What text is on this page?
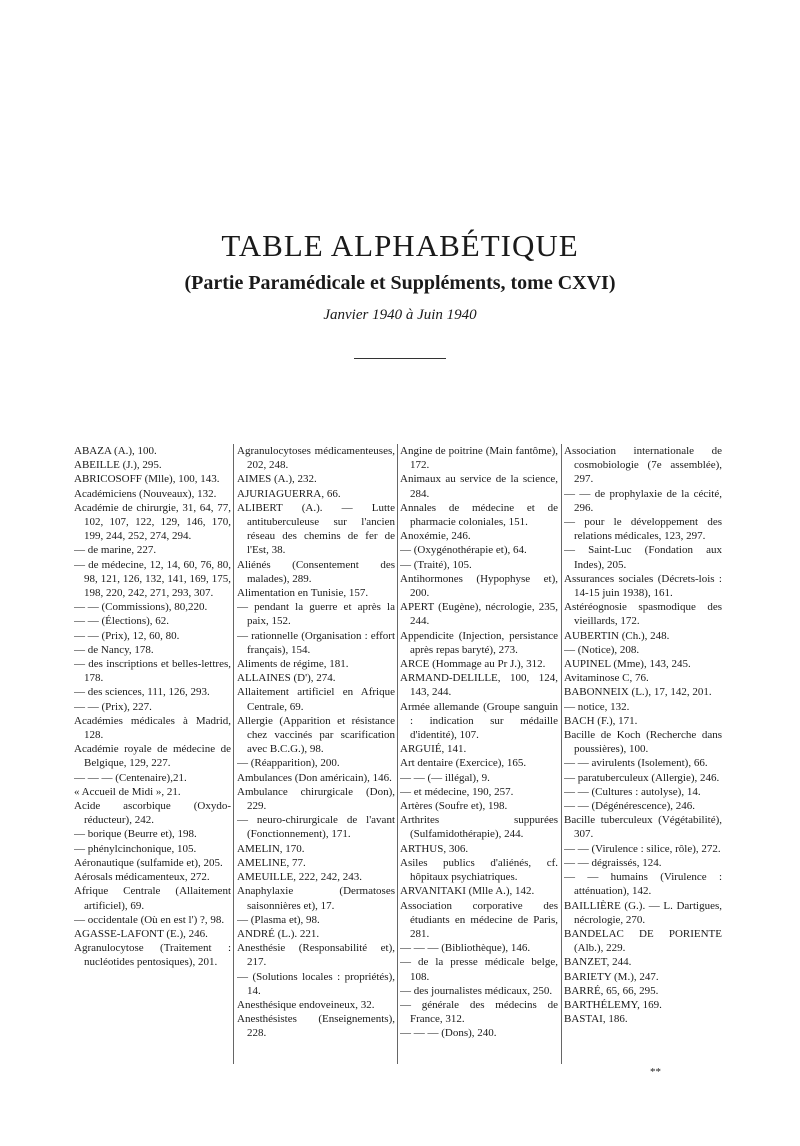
TABLE ALPHABÉTIQUE
(Partie Paramédicale et Suppléments, tome CXVI)

Janvier 1940 à Juin 1940

ABAZA (A.), 100.

ABEILLE (J.), 295.

ABRICOSOFF (Mlle), 100, 143.

Académiciens (Nouveaux), 132.

Académie de chirurgie, 31, 64, 77, 102, 107, 122, 129, 146, 170, 199, 244, 252, 274, 294.

— de marine, 227.

— de médecine, 12, 14, 60, 76, 80, 98, 121, 126, 132, 141, 169, 175, 198, 220, 242, 271, 293, 307.

— — (Commissions), 80,220.

— — (Élections), 62.

— — (Prix), 12, 60, 80.

— de Nancy, 178.

— des inscriptions et belles-lettres, 178.

— des sciences, 111, 126, 293.

— — (Prix), 227.

Académies médicales à Madrid, 128.

Académie royale de médecine de Belgique, 129, 227.

— — — (Centenaire),21.

« Accueil de Midi », 21.

Acide ascorbique (Oxydo-réducteur), 242.

— borique (Beurre et), 198.

— phénylcinchonique, 105.

Aéronautique (sulfamide et), 205.

Aérosals médicamenteux, 272.

Afrique Centrale (Allaitement artificiel), 69.

— occidentale (Où en est l') ?, 98.

AGASSE-LAFONT (E.), 246.

Agranulocytose (Traitement : nucléotides pentosiques), 201.

Agranulocytoses médicamenteuses, 202, 248.

AIMES (A.), 232.

AJURIAGUERRA, 66.

ALIBERT (A.). — Lutte antituberculeuse sur l'ancien réseau des chemins de fer de l'Est, 38.

Aliénés (Consentement des malades), 289.

Alimentation en Tunisie, 157.

— pendant la guerre et après la paix, 152.

— rationnelle (Organisation : effort français), 154.

Aliments de régime, 181.

ALLAINES (D'), 274.

Allaitement artificiel en Afrique Centrale, 69.

Allergie (Apparition et résistance chez vaccinés par scarification avec B.C.G.), 98.

— (Réapparition), 200.

Ambulances (Don américain), 146.

Ambulance chirurgicale (Don), 229.

— neuro-chirurgicale de l'avant (Fonctionnement), 171.

AMELIN, 170.

AMELINE, 77.

AMEUILLE, 222, 242, 243.

Anaphylaxie (Dermatoses saisonnières et), 17.

— (Plasma et), 98.

ANDRÉ (L.). 221.

Anesthésie (Responsabilité et), 217.

— (Solutions locales : propriétés), 14.

Anesthésique endoveineux, 32.

Anesthésistes (Enseignements), 228.

Angine de poitrine (Main fantôme), 172.

Animaux au service de la science, 284.

Annales de médecine et de pharmacie coloniales, 151.

Anoxémie, 246.

— (Oxygénothérapie et), 64.

— (Traité), 105.

Antihormones (Hypophyse et), 200.

APERT (Eugène), nécrologie, 235, 244.

Appendicite (Injection, persistance après repas baryté), 273.

ARCE (Hommage au Pr J.), 312.

ARMAND-DELILLE, 100, 124, 143, 244.

Armée allemande (Groupe sanguin : indication sur médaille d'identité), 107.

ARGUIÉ, 141.

Art dentaire (Exercice), 165.

— — (— illégal), 9.

— et médecine, 190, 257.

Artères (Soufre et), 198.

Arthrites suppurées (Sulfamidothérapie), 244.

ARTHUS, 306.

Asiles publics d'aliénés, cf. hôpitaux psychiatriques.

ARVANITAKI (Mlle A.), 142.

Association corporative des étudiants en médecine de Paris, 281.

— — — (Bibliothèque), 146.

— de la presse médicale belge, 108.

— des journalistes médicaux, 250.

— générale des médecins de France, 312.

— — — (Dons), 240.

Association internationale de cosmobiologie (7e assemblée), 297.

— — de prophylaxie de la cécité, 296.

— pour le développement des relations médicales, 123, 297.

— Saint-Luc (Fondation aux Indes), 205.

Assurances sociales (Décrets-lois : 14-15 juin 1938), 161.

Astéréognosie spasmodique des vieillards, 172.

AUBERTIN (Ch.), 248.

— (Notice), 208.

AUPINEL (Mme), 143, 245.

Avitaminose C, 76.

BABONNEIX (L.), 17, 142, 201.

— notice, 132.

BACH (F.), 171.

Bacille de Koch (Recherche dans poussières), 100.

— — avirulents (Isolement), 66.

— paratuberculeux (Allergie), 246.

— — (Cultures : autolyse), 14.

— — (Dégénérescence), 246.

Bacille tuberculeux (Végétabilité), 307.

— — (Virulence : silice, rôle), 272.

— — dégraissés, 124.

— — humains (Virulence : atténuation), 142.

BAILLIÈRE (G.). — L. Dartigues, nécrologie, 270.

BANDELAC DE PORIENTE (Alb.), 229.

BANZET, 244.

BARIETY (M.), 247.

BARRÉ, 65, 66, 295.

BARTHÉLEMY, 169.

BASTAI, 186.

**
